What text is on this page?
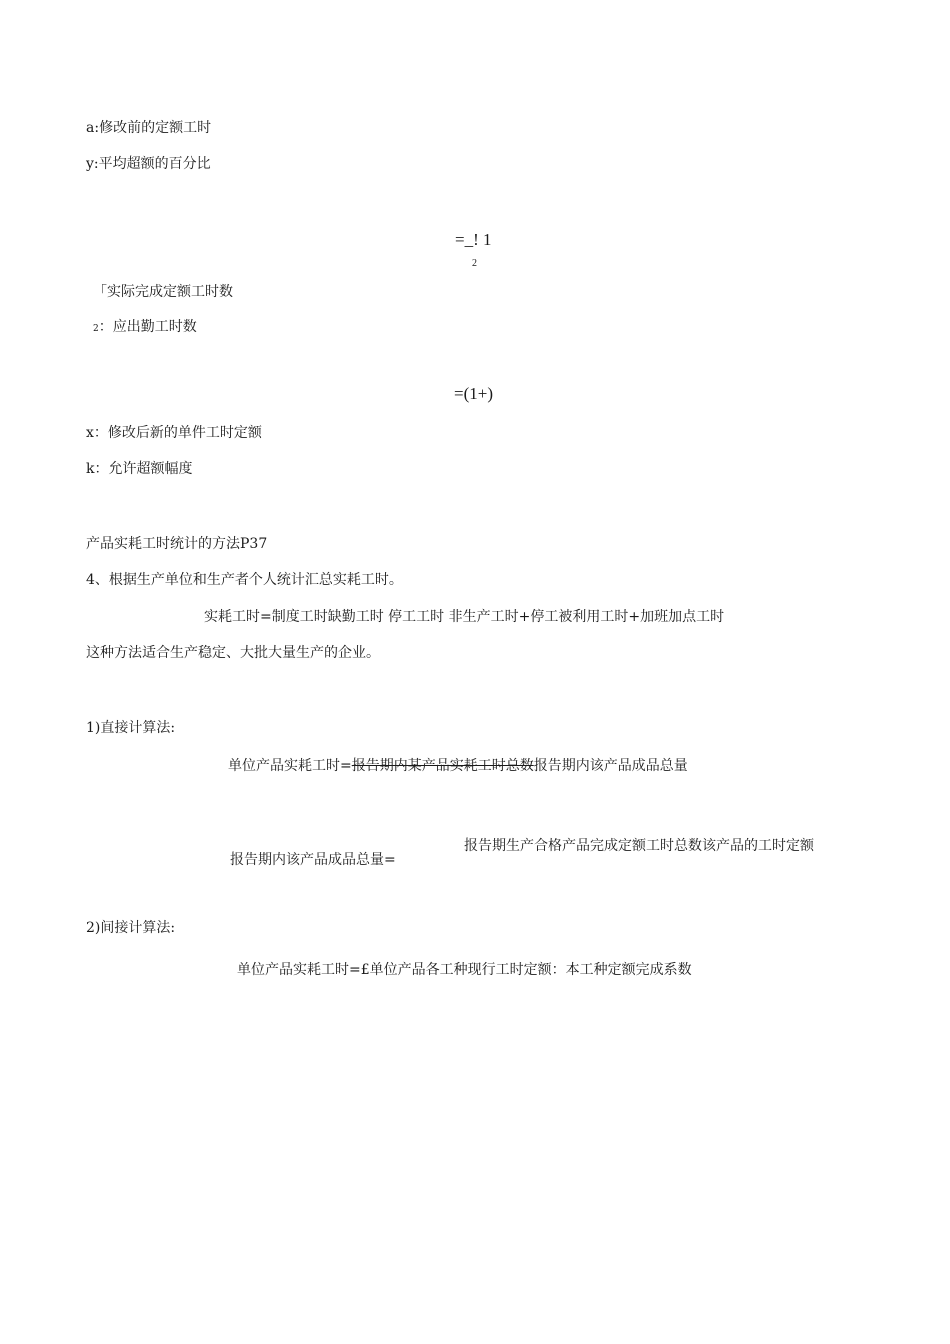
a:修改前的定额工时
y:平均超额的百分比
=_! 1
2
「实际完成定额工时数
2：应出勤工时数
=(1+)
x：修改后新的单件工时定额
k：允许超额幅度
产品实耗工时统计的方法P37
4、根据生产单位和生产者个人统计汇总实耗工时。
实耗工时=制度工时缺勤工时 停工工时 非生产工时+停工被利用工时+加班加点工时
这种方法适合生产稳定、大批大量生产的企业。
1)直接计算法:
单位产品实耗工时=报告期内某产品实耗工时总数报告期内该产品成品总量
报告期生产合格产品完成定额工时总数该产品的工时定额
报告期内该产品成品总量=
2)间接计算法:
单位产品实耗工时=£单位产品各工种现行工时定额：本工种定额完成系数
